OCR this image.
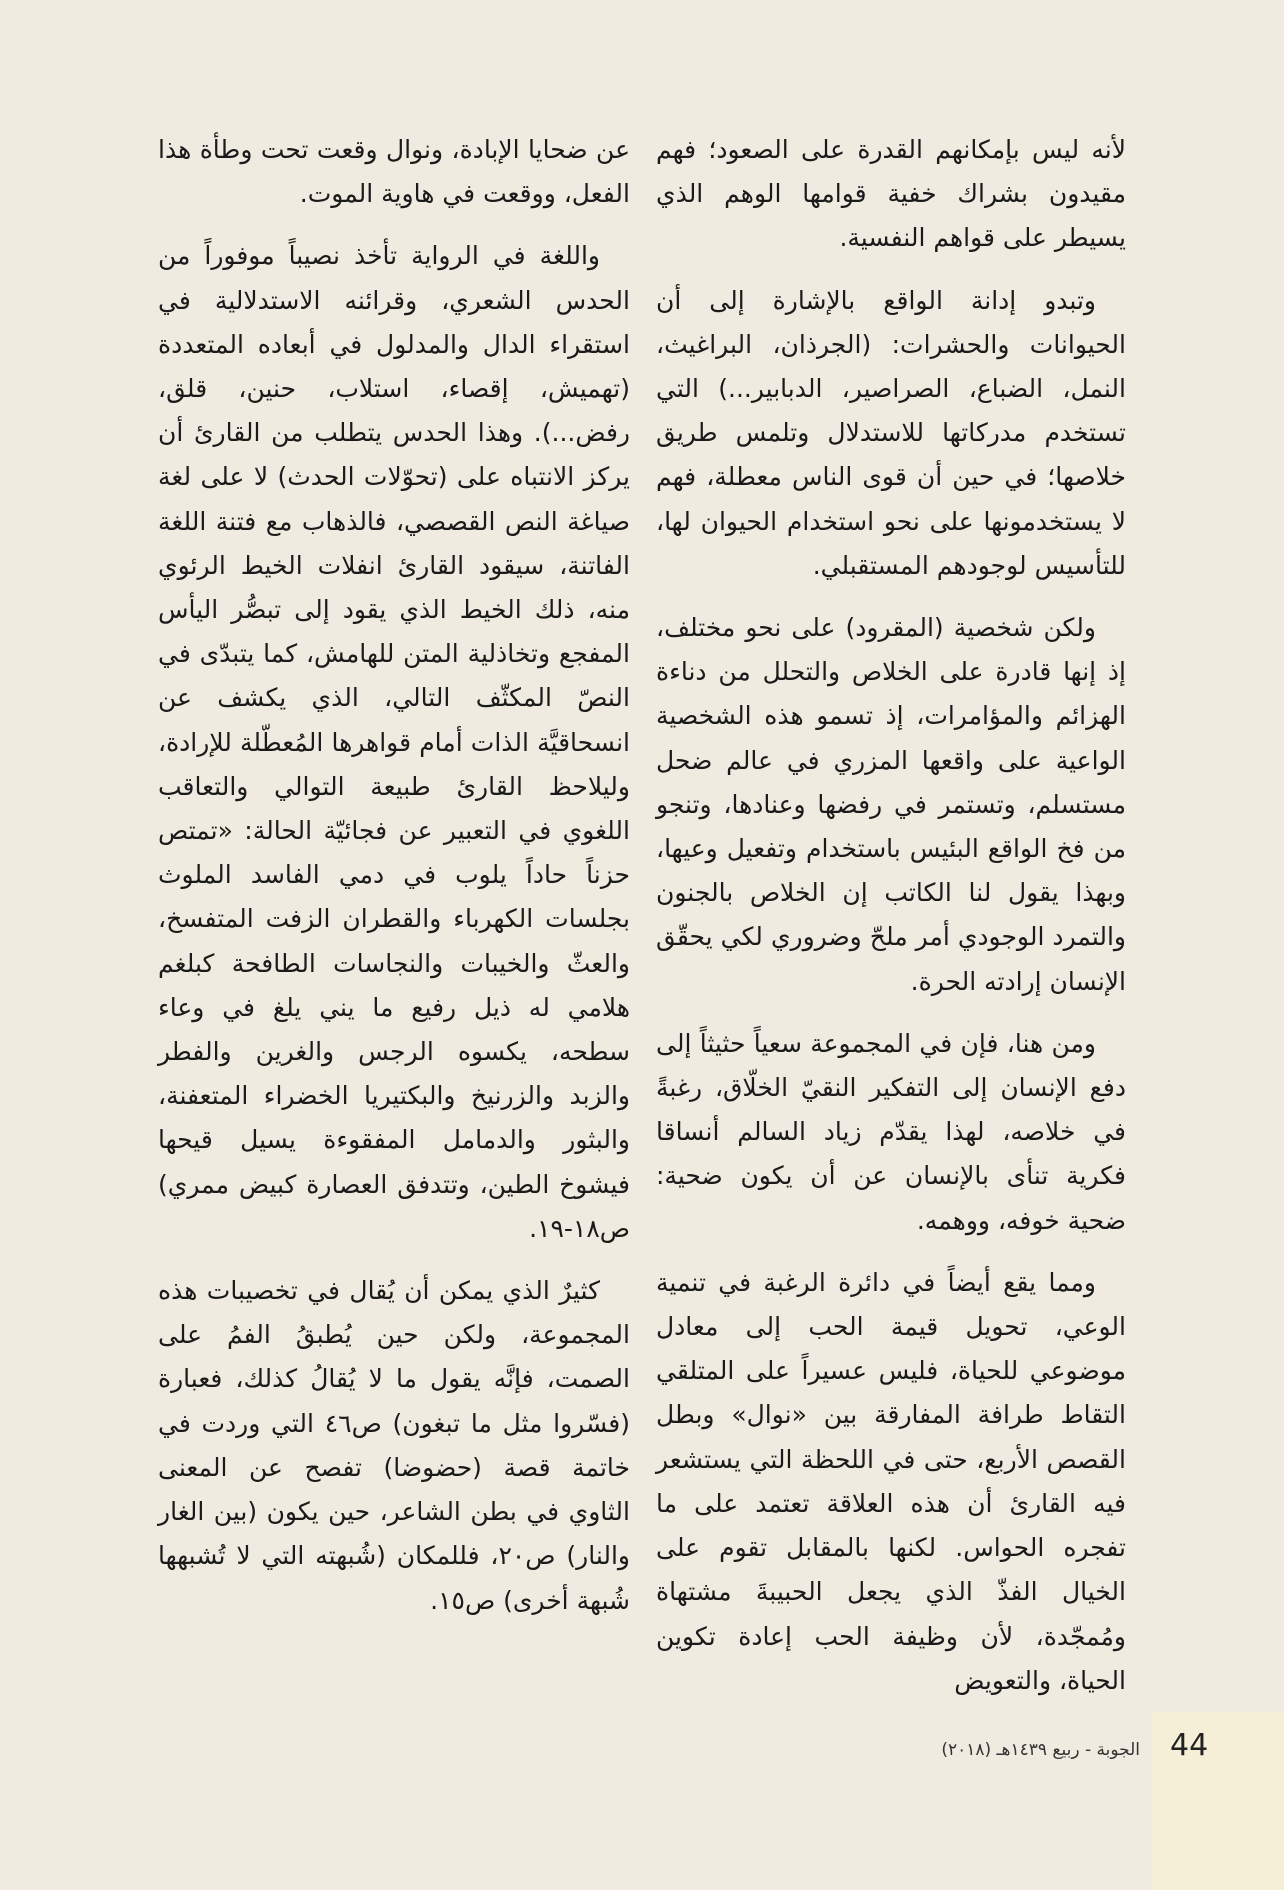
لأنه ليس بإمكانهم القدرة على الصعود؛ فهم مقيدون بشراك خفية قوامها الوهم الذي يسيطر على قواهم النفسية.

وتبدو إدانة الواقع بالإشارة إلى أن الحيوانات والحشرات: (الجرذان، البراغيث، النمل، الضباع، الصراصير، الدبابير...) التي تستخدم مدركاتها للاستدلال وتلمس طريق خلاصها؛ في حين أن قوى الناس معطلة، فهم لا يستخدمونها على نحو استخدام الحيوان لها، للتأسيس لوجودهم المستقبلي.

ولكن شخصية (المقرود) على نحو مختلف، إذ إنها قادرة على الخلاص والتحلل من دناءة الهزائم والمؤامرات، إذ تسمو هذه الشخصية الواعية على واقعها المزري في عالم ضحل مستسلم، وتستمر في رفضها وعنادها، وتنجو من فخ الواقع البئيس باستخدام وتفعيل وعيها، وبهذا يقول لنا الكاتب إن الخلاص بالجنون والتمرد الوجودي أمر ملحّ وضروري لكي يحقّق الإنسان إرادته الحرة.

ومن هنا، فإن في المجموعة سعياً حثيثاً إلى دفع الإنسان إلى التفكير النقيّ الخلّاق، رغبةً في خلاصه، لهذا يقدّم زياد السالم أنساقا فكرية تنأى بالإنسان عن أن يكون ضحية: ضحية خوفه، ووهمه.

ومما يقع أيضاً في دائرة الرغبة في تنمية الوعي، تحويل قيمة الحب إلى معادل موضوعي للحياة، فليس عسيراً على المتلقي التقاط طرافة المفارقة بين «نوال» وبطل القصص الأربع، حتى في اللحظة التي يستشعر فيه القارئ أن هذه العلاقة تعتمد على ما تفجره الحواس. لكنها بالمقابل تقوم على الخيال الفذّ الذي يجعل الحبيبةَ مشتهاة ومُمجّدة، لأن وظيفة الحب إعادة تكوين الحياة، والتعويض

عن ضحايا الإبادة، ونوال وقعت تحت وطأة هذا الفعل، ووقعت في هاوية الموت.

واللغة في الرواية تأخذ نصيباً موفوراً من الحدس الشعري، وقرائنه الاستدلالية في استقراء الدال والمدلول في أبعاده المتعددة (تهميش، إقصاء، استلاب، حنين، قلق، رفض...). وهذا الحدس يتطلب من القارئ أن يركز الانتباه على (تحوّلات الحدث) لا على لغة صياغة النص القصصي، فالذهاب مع فتنة اللغة الفاتنة، سيقود القارئ انفلات الخيط الرئوي منه، ذلك الخيط الذي يقود إلى تبصُّر اليأس المفجع وتخاذلية المتن للهامش، كما يتبدّى في النصّ المكثّف التالي، الذي يكشف عن انسحاقيَّة الذات أمام قواهرها المُعطّلة للإرادة، وليلاحظ القارئ طبيعة التوالي والتعاقب اللغوي في التعبير عن فجائيّة الحالة: «تمتص حزناً حاداً يلوب في دمي الفاسد الملوث بجلسات الكهرباء والقطران الزفت المتفسخ، والعثّ والخيبات والنجاسات الطافحة كبلغم هلامي له ذيل رفيع ما يني يلغ في وعاء سطحه، يكسوه الرجس والغرين والفطر والزبد والزرنيخ والبكتيريا الخضراء المتعفنة، والبثور والدمامل المفقوءة يسيل قيحها فيشوخ الطين، وتتدفق العصارة كبيض ممري) ص١٨-١٩.

كثيرٌ الذي يمكن أن يُقال في تخصيبات هذه المجموعة، ولكن حين يُطبقُ الفمُ على الصمت، فإنَّه يقول ما لا يُقالُ كذلك، فعبارة (فسّروا مثل ما تبغون) ص٤٦ التي وردت في خاتمة قصة (حضوضا) تفصح عن المعنى الثاوي في بطن الشاعر، حين يكون (بين الغار والنار) ص٢٠، فللمكان (شُبهته التي لا تُشبهها شُبهة أخرى) ص١٥.

44
الجوبة - ربيع ١٤٣٩هـ (٢٠١٨)
